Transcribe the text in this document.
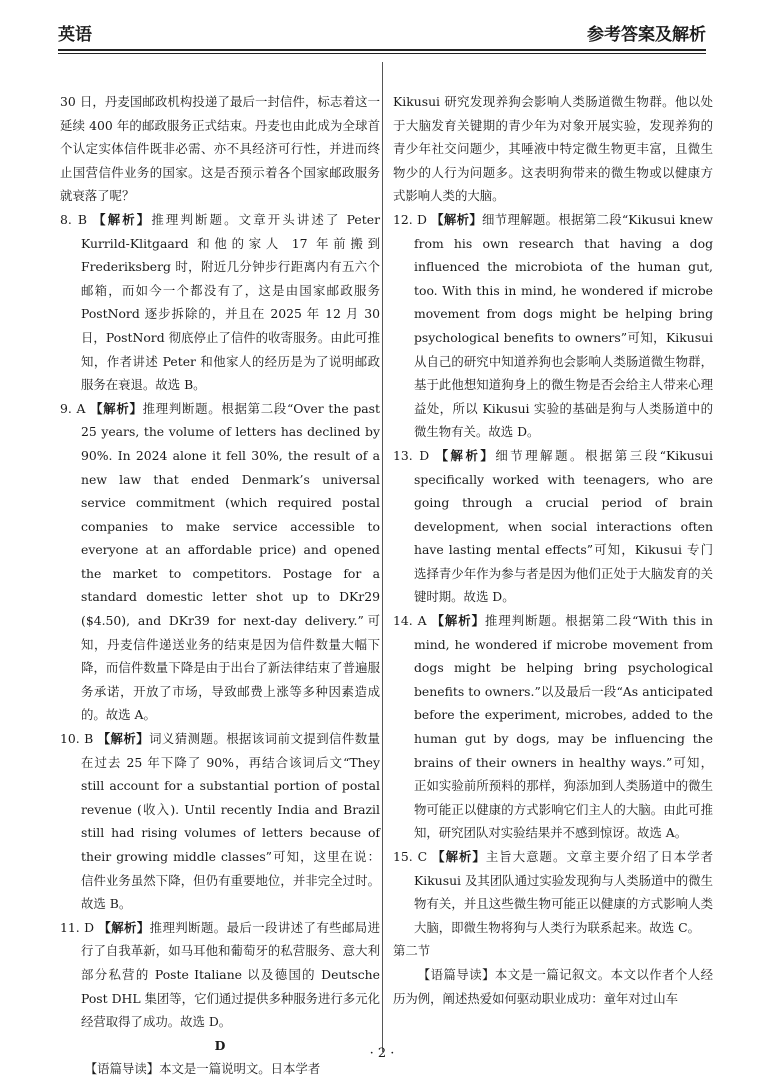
英语	参考答案及解析

30 日，丹麦国邮政机构投递了最后一封信件，标志着这一延续 400 年的邮政服务正式结束。丹麦也由此成为全球首个认定实体信件既非必需、亦不具经济可行性，并进而终止国营信件业务的国家。这是否预示着各个国家邮政服务就衰落了呢？

8. B 【解析】推理判断题。文章开头讲述了 Peter Kurrild-Klitgaard 和他的家人 17 年前搬到 Frederiksberg 时，附近几分钟步行距离内有五六个邮箱，而如今一个都没有了，这是由国家邮政服务 PostNord 逐步拆除的，并且在 2025 年 12 月 30 日，PostNord 彻底停止了信件的收寄服务。由此可推知，作者讲述 Peter 和他家人的经历是为了说明邮政服务在衰退。故选 B。

9. A 【解析】推理判断题。根据第二段“Over the past 25 years, the volume of letters has declined by 90%. In 2024 alone it fell 30%, the result of a new law that ended Denmark’s universal service commitment (which required postal companies to make service accessible to everyone at an affordable price) and opened the market to competitors. Postage for a standard domestic letter shot up to DKr29 ($4.50), and DKr39 for next-day delivery.”可知，丹麦信件递送业务的结束是因为信件数量大幅下降，而信件数量下降是由于出台了新法律结束了普遍服务承诺，开放了市场，导致邮费上涨等多种因素造成的。故选 A。

10. B 【解析】词义猜测题。根据该词前文提到信件数量在过去 25 年下降了 90%，再结合该词后文“They still account for a substantial portion of postal revenue (收入). Until recently India and Brazil still had rising volumes of letters because of their growing middle classes”可知，这里在说：信件业务虽然下降，但仍有重要地位，并非完全过时。故选 B。

11. D 【解析】推理判断题。最后一段讲述了有些邮局进行了自我革新，如马耳他和葡萄牙的私营服务、意大利部分私营的 Poste Italiane 以及德国的 Deutsche Post DHL 集团等，它们通过提供多种服务进行多元化经营取得了成功。故选 D。

D

【语篇导读】本文是一篇说明文。日本学者

Kikusui 研究发现养狗会影响人类肠道微生物群。他以处于大脑发育关键期的青少年为对象开展实验，发现养狗的青少年社交问题少，其唾液中特定微生物更丰富，且微生物少的人行为问题多。这表明狗带来的微生物或以健康方式影响人类的大脑。

12. D 【解析】细节理解题。根据第二段“Kikusui knew from his own research that having a dog influenced the microbiota of the human gut, too. With this in mind, he wondered if microbe movement from dogs might be helping bring psychological benefits to owners”可知，Kikusui 从自己的研究中知道养狗也会影响人类肠道微生物群，基于此他想知道狗身上的微生物是否会给主人带来心理益处，所以 Kikusui 实验的基础是狗与人类肠道中的微生物有关。故选 D。

13. D 【解析】细节理解题。根据第三段“Kikusui specifically worked with teenagers, who are going through a crucial period of brain development, when social interactions often have lasting mental effects”可知，Kikusui 专门选择青少年作为参与者是因为他们正处于大脑发育的关键时期。故选 D。

14. A 【解析】推理判断题。根据第二段“With this in mind, he wondered if microbe movement from dogs might be helping bring psychological benefits to owners.”以及最后一段“As anticipated before the experiment, microbes, added to the human gut by dogs, may be influencing the brains of their owners in healthy ways.”可知，正如实验前所预料的那样，狗添加到人类肠道中的微生物可能正以健康的方式影响它们主人的大脑。由此可推知，研究团队对实验结果并不感到惊讶。故选 A。

15. C 【解析】主旨大意题。文章主要介绍了日本学者 Kikusui 及其团队通过实验发现狗与人类肠道中的微生物有关，并且这些微生物可能正以健康的方式影响人类大脑，即微生物将狗与人类行为联系起来。故选 C。

第二节

【语篇导读】本文是一篇记叙文。本文以作者个人经历为例，阐述热爱如何驱动职业成功：童年对过山车

· 2 ·
